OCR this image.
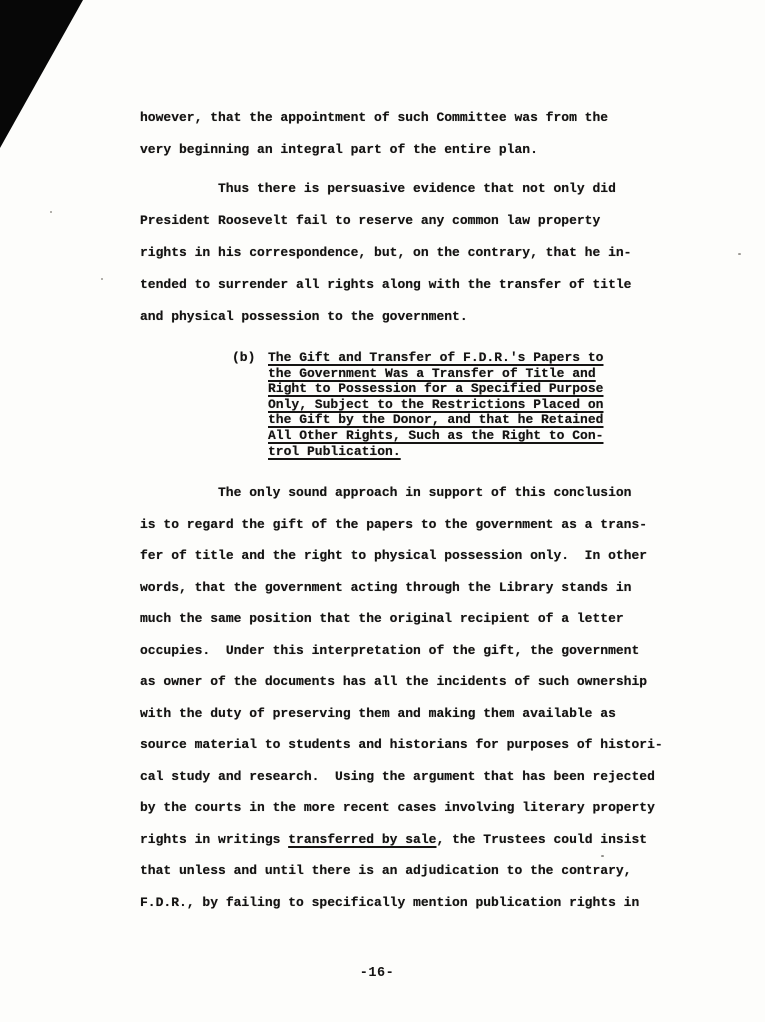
however, that the appointment of such Committee was from the
very beginning an integral part of the entire plan.
Thus there is persuasive evidence that not only did
President Roosevelt fail to reserve any common law property
rights in his correspondence, but, on the contrary, that he in-
tended to surrender all rights along with the transfer of title
and physical possession to the government.
(b) The Gift and Transfer of F.D.R.'s Papers to
the Government Was a Transfer of Title and
Right to Possession for a Specified Purpose
Only, Subject to the Restrictions Placed on
the Gift by the Donor, and that he Retained
All Other Rights, Such as the Right to Con-
trol Publication.
The only sound approach in support of this conclusion
is to regard the gift of the papers to the government as a trans-
fer of title and the right to physical possession only.  In other
words, that the government acting through the Library stands in
much the same position that the original recipient of a letter
occupies.  Under this interpretation of the gift, the government
as owner of the documents has all the incidents of such ownership
with the duty of preserving them and making them available as
source material to students and historians for purposes of histori-
cal study and research.  Using the argument that has been rejected
by the courts in the more recent cases involving literary property
rights in writings transferred by sale, the Trustees could insist
that unless and until there is an adjudication to the contrary,
F.D.R., by failing to specifically mention publication rights in
-16-
